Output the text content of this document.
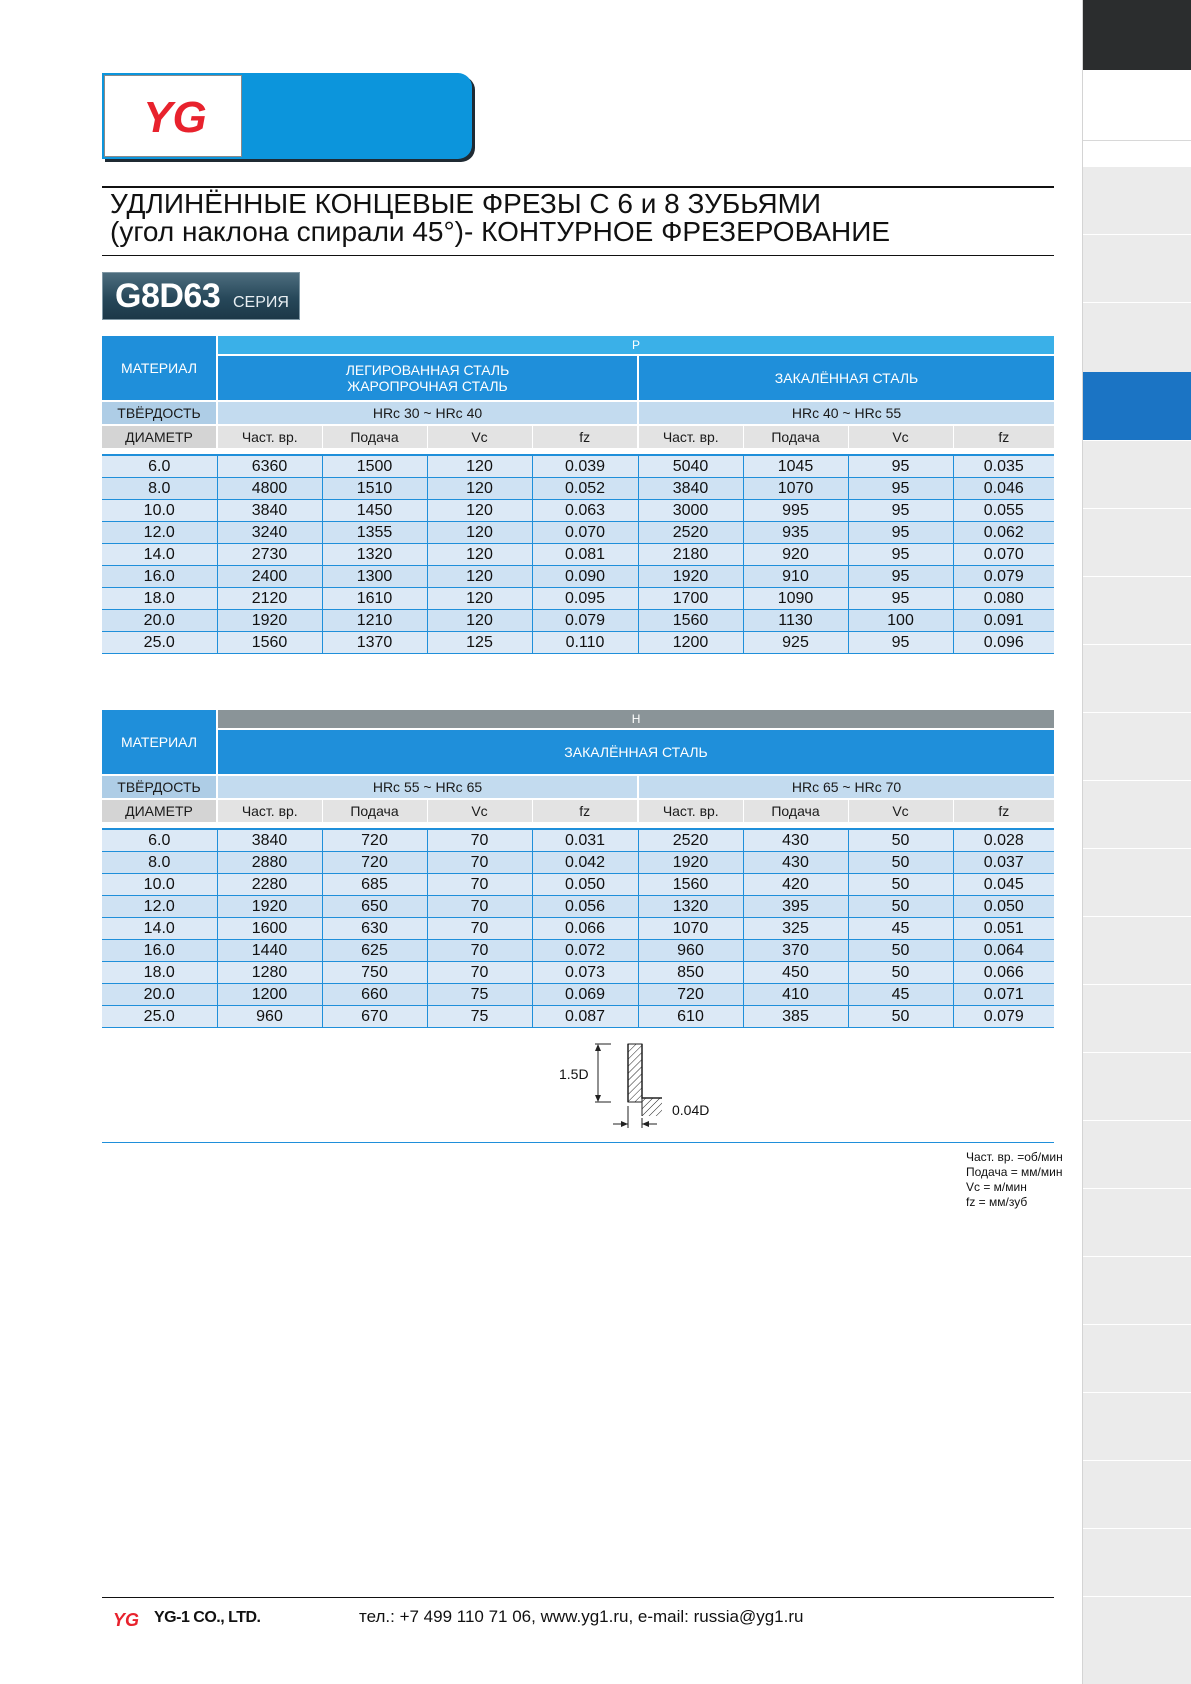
YG
УДЛИНЁННЫЕ КОНЦЕВЫЕ ФРЕЗЫ С 6 и 8 ЗУБЬЯМИ
(угол наклона спирали 45°)- КОНТУРНОЕ ФРЕЗЕРОВАНИЕ
G8D63 СЕРИЯ
МАТЕРИАЛ	P							

	ЛЕГИРОВАННАЯ СТАЛЬ
ЖАРОПРОЧНАЯ СТАЛЬ				ЗАКАЛЁННАЯ СТАЛЬ			
ТВЁРДОСТЬ	HRc 30 ~ HRc 40				HRc 40 ~ HRc 55			
ДИАМЕТР	Част. вр.	Подача	Vc	fz	Част. вр.	Подача	Vc	fz

6.0	6360	1500	120	0.039	5040	1045	95	0.035
8.0	4800	1510	120	0.052	3840	1070	95	0.046
10.0	3840	1450	120	0.063	3000	995	95	0.055
12.0	3240	1355	120	0.070	2520	935	95	0.062
14.0	2730	1320	120	0.081	2180	920	95	0.070
16.0	2400	1300	120	0.090	1920	910	95	0.079
18.0	2120	1610	120	0.095	1700	1090	95	0.080
20.0	1920	1210	120	0.079	1560	1130	100	0.091
25.0	1560	1370	125	0.110	1200	925	95	0.096
МАТЕРИАЛ	H							
	ЗАКАЛЁННАЯ СТАЛЬ							
ТВЁРДОСТЬ	HRc 55 ~ HRc 65				HRc 65 ~ HRc 70			
ДИАМЕТР	Част. вр.	Подача	Vc	fz	Част. вр.	Подача	Vc	fz

6.0	3840	720	70	0.031	2520	430	50	0.028
8.0	2880	720	70	0.042	1920	430	50	0.037
10.0	2280	685	70	0.050	1560	420	50	0.045
12.0	1920	650	70	0.056	1320	395	50	0.050
14.0	1600	630	70	0.066	1070	325	45	0.051
16.0	1440	625	70	0.072	960	370	50	0.064
18.0	1280	750	70	0.073	850	450	50	0.066
20.0	1200	660	75	0.069	720	410	45	0.071
25.0	960	670	75	0.087	610	385	50	0.079
1.5D
0.04D
Част. вр. =об/мин
Подача = мм/мин
Vc = м/мин
fz = мм/зуб
YG YG-1 CO., LTD.	тел.: +7 499 110 71 06, www.yg1.ru, e-mail: russia@yg1.ru
